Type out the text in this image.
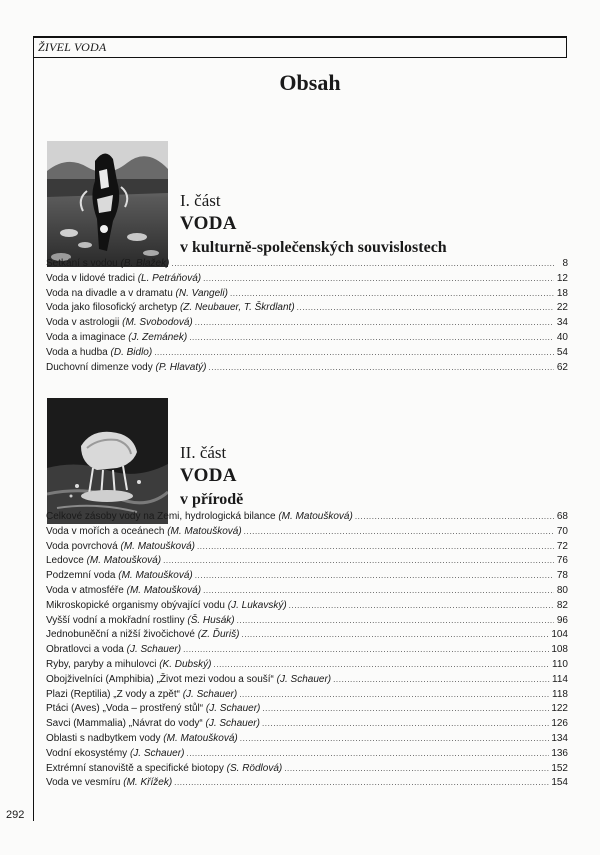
ŽIVEL VODA
Obsah
I. část
VODA
v kulturně-společenských souvislostech
Setkání s vodou (B. Blažek) .....	8
Voda v lidové tradici (L. Petráňová) .....	12
Voda na divadle a v dramatu (N. Vangeli) .....	18
Voda jako filosofický archetyp (Z. Neubauer, T. Škrdlant) .....	22
Voda v astrologii (M. Svobodová) .....	34
Voda a imaginace (J. Zemánek) .....	40
Voda a hudba (D. Bidlo) .....	54
Duchovní dimenze vody (P. Hlavatý) .....	62
II. část
VODA
v přírodě
Celkové zásoby vody na Zemi, hydrologická bilance (M. Matoušková) .....	68
Voda v mořích a oceánech (M. Matoušková) .....	70
Voda povrchová (M. Matoušková) .....	72
Ledovce (M. Matoušková) .....	76
Podzemní voda (M. Matoušková) .....	78
Voda v atmosféře (M. Matoušková) .....	80
Mikroskopické organismy obývající vodu (J. Lukavský) .....	82
Vyšší vodní a mokřadní rostliny (Š. Husák) .....	96
Jednobuněční a nižší živočichové (Z. Ďuriš) .....	104
Obratlovci a voda (J. Schauer) .....	108
Ryby, paryby a mihulovci (K. Dubský) .....	110
Obojživelníci (Amphibia) „Život mezi vodou a souší“ (J. Schauer) .....	114
Plazi (Reptilia) „Z vody a zpět“ (J. Schauer) .....	118
Ptáci (Aves) „Voda – prostřený stůl“ (J. Schauer) .....	122
Savci (Mammalia) „Návrat do vody“ (J. Schauer) .....	126
Oblasti s nadbytkem vody (M. Matoušková) .....	134
Vodní ekosystémy (J. Schauer) .....	136
Extrémní stanoviště a specifické biotopy (S. Rödlová) .....	152
Voda ve vesmíru (M. Křížek) .....	154
292
